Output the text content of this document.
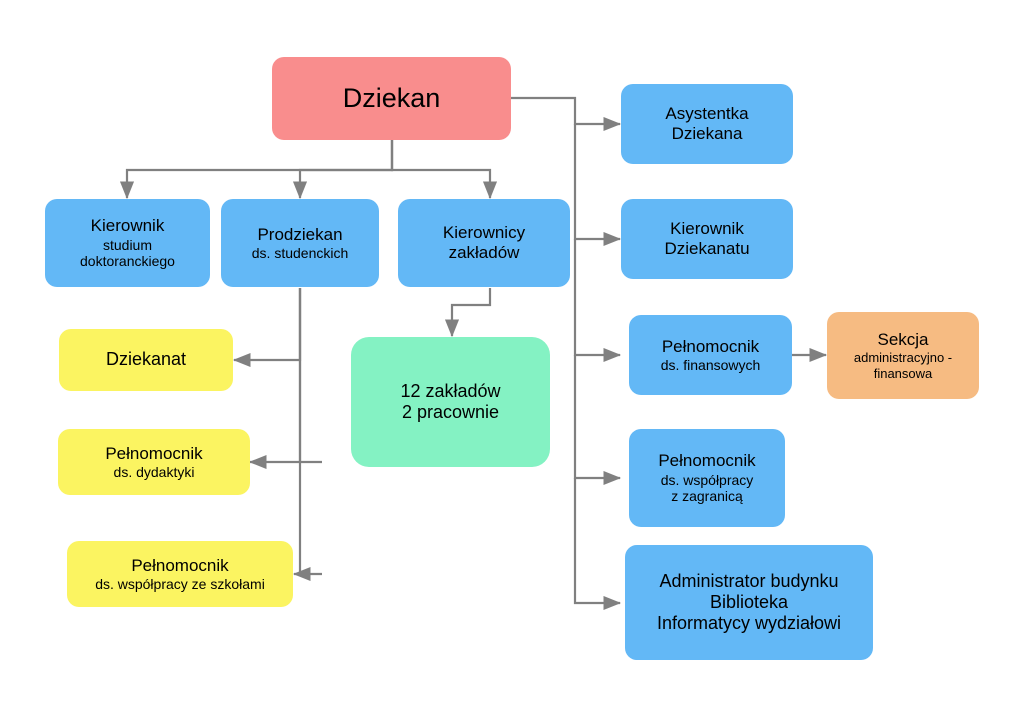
Dziekan
Asystentka
Dziekana
Kierownik
Dziekanatu
Pełnomocnik
ds. finansowych
Sekcja
administracyjno -
finansowa
Pełnomocnik
ds. współpracy
z zagranicą
Administrator budynku
Biblioteka
Informatycy wydziałowi
Kierownik
studium
doktoranckiego
Prodziekan
ds. studenckich
Kierownicy
zakładów
12 zakładów
2 pracownie
Dziekanat
Pełnomocnik
ds. dydaktyki
Pełnomocnik
ds. współpracy ze szkołami
